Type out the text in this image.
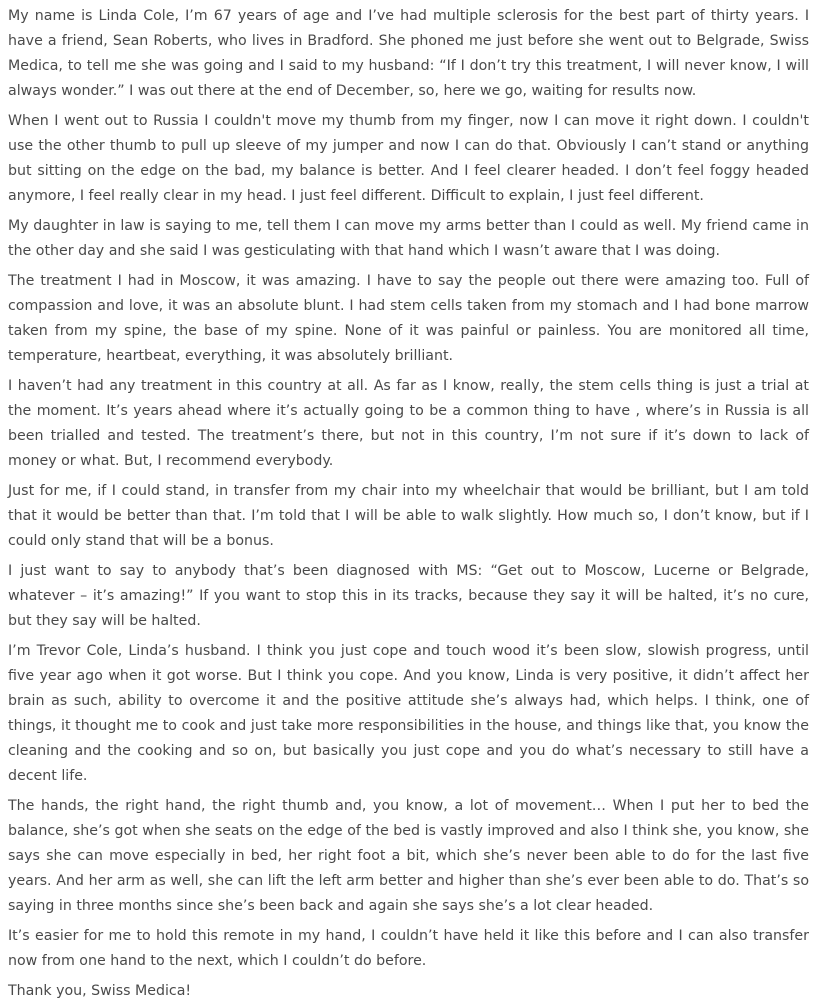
My name is Linda Cole, I’m 67 years of age and I’ve had multiple sclerosis for the best part of thirty years. I have a friend, Sean Roberts, who lives in Bradford. She phoned me just before she went out to Belgrade, Swiss Medica, to tell me she was going and I said to my husband: “If I don’t try this treatment, I will never know, I will always wonder.” I was out there at the end of December, so, here we go, waiting for results now.

When I went out to Russia I couldn't move my thumb from my finger, now I can move it right down. I couldn't use the other thumb to pull up sleeve of my jumper and now I can do that. Obviously I can’t stand or anything but sitting on the edge on the bad, my balance is better. And I feel clearer headed. I don’t feel foggy headed anymore, I feel really clear in my head. I just feel different. Difficult to explain, I just feel different.

My daughter in law is saying to me, tell them I can move my arms better than I could as well. My friend came in the other day and she said I was gesticulating with that hand which I wasn’t aware that I was doing.

The treatment I had in Moscow, it was amazing. I have to say the people out there were amazing too. Full of compassion and love, it was an absolute blunt. I had stem cells taken from my stomach and I had bone marrow taken from my spine, the base of my spine. None of it was painful or painless. You are monitored all time, temperature, heartbeat, everything, it was absolutely brilliant.

I haven’t had any treatment in this country at all. As far as I know, really, the stem cells thing is just a trial at the moment. It’s years ahead where it’s actually going to be a common thing to have , where’s in Russia is all been trialled and tested. The treatment’s there, but not in this country, I’m not sure if it’s down to lack of money or what. But, I recommend everybody.

Just for me, if I could stand, in transfer from my chair into my wheelchair that would be brilliant, but I am told that it would be better than that. I’m told that I will be able to walk slightly. How much so, I don’t know, but if I could only stand that will be a bonus.

I just want to say to anybody that’s been diagnosed with MS: “Get out to Moscow, Lucerne or Belgrade, whatever – it’s amazing!” If you want to stop this in its tracks, because they say it will be halted, it’s no cure, but they say will be halted.

I’m Trevor Cole, Linda’s husband. I think you just cope and touch wood it’s been slow, slowish progress, until five year ago when it got worse. But I think you cope. And you know, Linda is very positive, it didn’t affect her brain as such, ability to overcome it and the positive attitude she’s always had, which helps. I think, one of things, it thought me to cook and just take more responsibilities in the house, and things like that, you know the cleaning and the cooking and so on, but basically you just cope and you do what’s necessary to still have a decent life.

The hands, the right hand, the right thumb and, you know, a lot of movement… When I put her to bed the balance, she’s got when she seats on the edge of the bed is vastly improved and also I think she, you know, she says she can move especially in bed, her right foot a bit, which she’s never been able to do for the last five years. And her arm as well, she can lift the left arm better and higher than she’s ever been able to do. That’s so saying in three months since she’s been back and again she says she’s a lot clear headed.

It’s easier for me to hold this remote in my hand, I couldn’t have held it like this before and I can also transfer now from one hand to the next, which I couldn’t do before.

Thank you, Swiss Medica!
